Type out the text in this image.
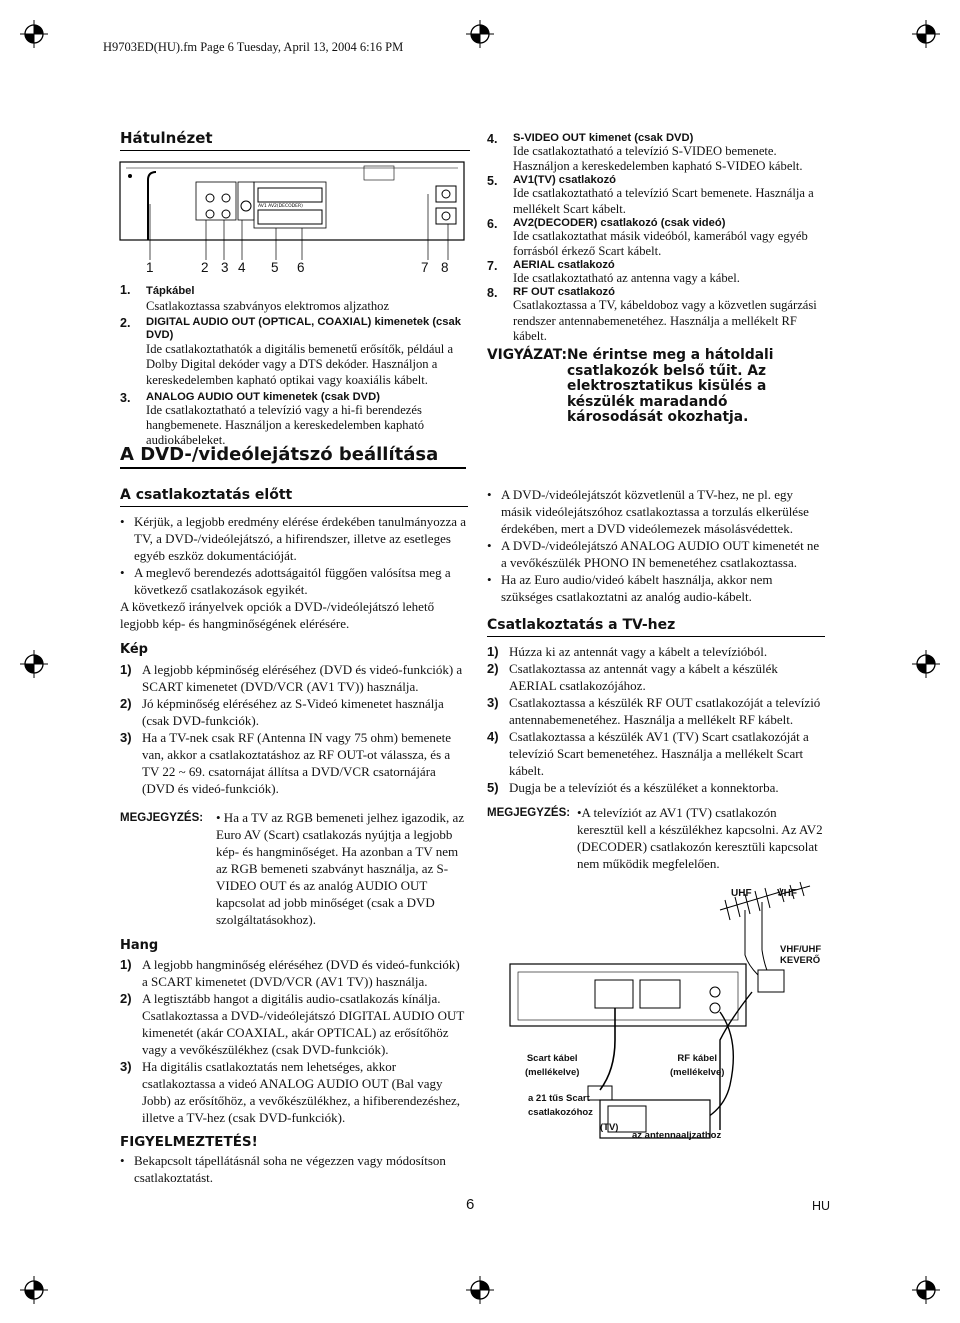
H9703ED(HU).fm Page 6 Tuesday, April 13, 2004 6:16 PM
Hátulnézet
AV1 AV2(DECODER)
1	2 3 4 5 6	7 8
1. Tápkábel
Csatlakoztassa szabványos elektromos aljzathoz
2.	DIGITAL AUDIO OUT (OPTICAL, COAXIAL) kimenetek (csak DVD)
Ide csatlakoztathatók a digitális bemenetű erősítők, például a Dolby Digital dekóder vagy a DTS dekóder. Használjon a kereskedelemben kapható optikai vagy koaxiális kábelt.
3.	ANALOG AUDIO OUT kimenetek (csak DVD)
Ide csatlakoztatható a televízió vagy a hi-fi berendezés hangbemenete. Használjon a kereskedelemben kapható audiokábeleket.
4.	S-VIDEO OUT kimenet (csak DVD)
Ide csatlakoztatható a televízió S-VIDEO bemenete. Használjon a kereskedelemben kapható S-VIDEO kábelt.
5.	AV1(TV) csatlakozó
Ide csatlakoztatható a televízió Scart bemenete. Használja a mellékelt Scart kábelt.
6.	AV2(DECODER) csatlakozó (csak videó)
Ide csatlakoztathat másik videóból, kamerából vagy egyéb forrásból érkező Scart kábelt.
7.	AERIAL csatlakozó
Ide csatlakoztatható az antenna vagy a kábel.
8.	RF OUT csatlakozó
Csatlakoztassa a TV, kábeldoboz vagy a közvetlen sugárzási rendszer antennabemenetéhez. Használja a mellékelt RF kábelt.
VIGYÁZAT: Ne érintse meg a hátoldali csatlakozók belső tűit. Az elektrosztatikus kisülés a készülék maradandó károsodását okozhatja.
A DVD-/videólejátszó beállítása
A csatlakoztatás előtt
• Kérjük, a legjobb eredmény elérése érdekében tanulmányozza a TV, a DVD-/videólejátszó, a hifirendszer, illetve az esetleges egyéb eszköz dokumentációját.
• A meglevő berendezés adottságaitól függően valósítsa meg a következő csatlakozások egyikét.
A következő irányelvek opciók a DVD-/videólejátszó lehető legjobb kép- és hangminőségének elérésére.
Kép
1) A legjobb képminőség eléréséhez (DVD és videó-funkciók) a SCART kimenetet (DVD/VCR (AV1 TV)) használja.
2) Jó képminőség eléréséhez az S-Videó kimenetet használja (csak DVD-funkciók).
3) Ha a TV-nek csak RF (Antenna IN vagy 75 ohm) bemenete van, akkor a csatlakoztatáshoz az RF OUT-ot válassza, és a TV 22 ~ 69. csatornájat állítsa a DVD/VCR csatornájára (DVD és videó-funkciók).
MEGJEGYZÉS: • Ha a TV az RGB bemeneti jelhez igazodik, az Euro AV (Scart) csatlakozás nyújtja a legjobb kép- és hangminőséget. Ha azonban a TV nem az RGB bemeneti szabványt használja, az S-VIDEO OUT és az analóg AUDIO OUT kapcsolat ad jobb minőséget (csak a DVD szolgáltatásokhoz).
Hang
1) A legjobb hangminőség eléréséhez (DVD és videó-funkciók) a SCART kimenetet (DVD/VCR (AV1 TV)) használja.
2) A legtisztább hangot a digitális audio-csatlakozás kínálja. Csatlakoztassa a DVD-/videólejátszó DIGITAL AUDIO OUT kimenetét (akár COAXIAL, akár OPTICAL) az erősítőhöz vagy a vevőkészülékhez (csak DVD-funkciók).
3) Ha digitális csatlakoztatás nem lehetséges, akkor csatlakoztassa a videó ANALOG AUDIO OUT (Bal vagy Jobb) az erősítőhöz, a vevőkészülékhez, a hifiberendezéshez, illetve a TV-hez (csak DVD-funkciók).
FIGYELMEZTETÉS!
• Bekapcsolt tápellátásnál soha ne végezzen vagy módosítson csatlakoztatást.
• A DVD-/videólejátszót közvetlenül a TV-hez, ne pl. egy másik videólejátszóhoz csatlakoztassa a torzulás elkerülése érdekében, mert a DVD videólemezek másolásvédettek.
• A DVD-/videólejátszó ANALOG AUDIO OUT kimenetét ne a vevőkészülék PHONO IN bemenetéhez csatlakoztassa.
• Ha az Euro audio/videó kábelt használja, akkor nem szükséges csatlakoztatni az analóg audio-kábelt.
Csatlakoztatás a TV-hez
1) Húzza ki az antennát vagy a kábelt a televízióból.
2) Csatlakoztassa az antennát vagy a kábelt a készülék AERIAL csatlakozójához.
3) Csatlakoztassa a készülék RF OUT csatlakozóját a televízió antennabemenetéhez. Használja a mellékelt RF kábelt.
4) Csatlakoztassa a készülék AV1 (TV) Scart csatlakozóját a televízió Scart bemenetéhez. Használja a mellékelt Scart kábelt.
5) Dugja be a televíziót és a készüléket a konnektorba.
MEGJEGYZÉS: •A televíziót az AV1 (TV) csatlakozón keresztül kell a készülékhez kapcsolni. Az AV2 (DECODER) csatlakozón keresztüli kapcsolat nem működik megfelelően.
UHF	VHF
VHF/UHF
KEVERŐ
Scart kábel
(mellékelve)
RF kábel
(mellékelve)
a 21 tűs Scart
csatlakozóhoz
(TV)
az antennaaljzathoz
6	HU
